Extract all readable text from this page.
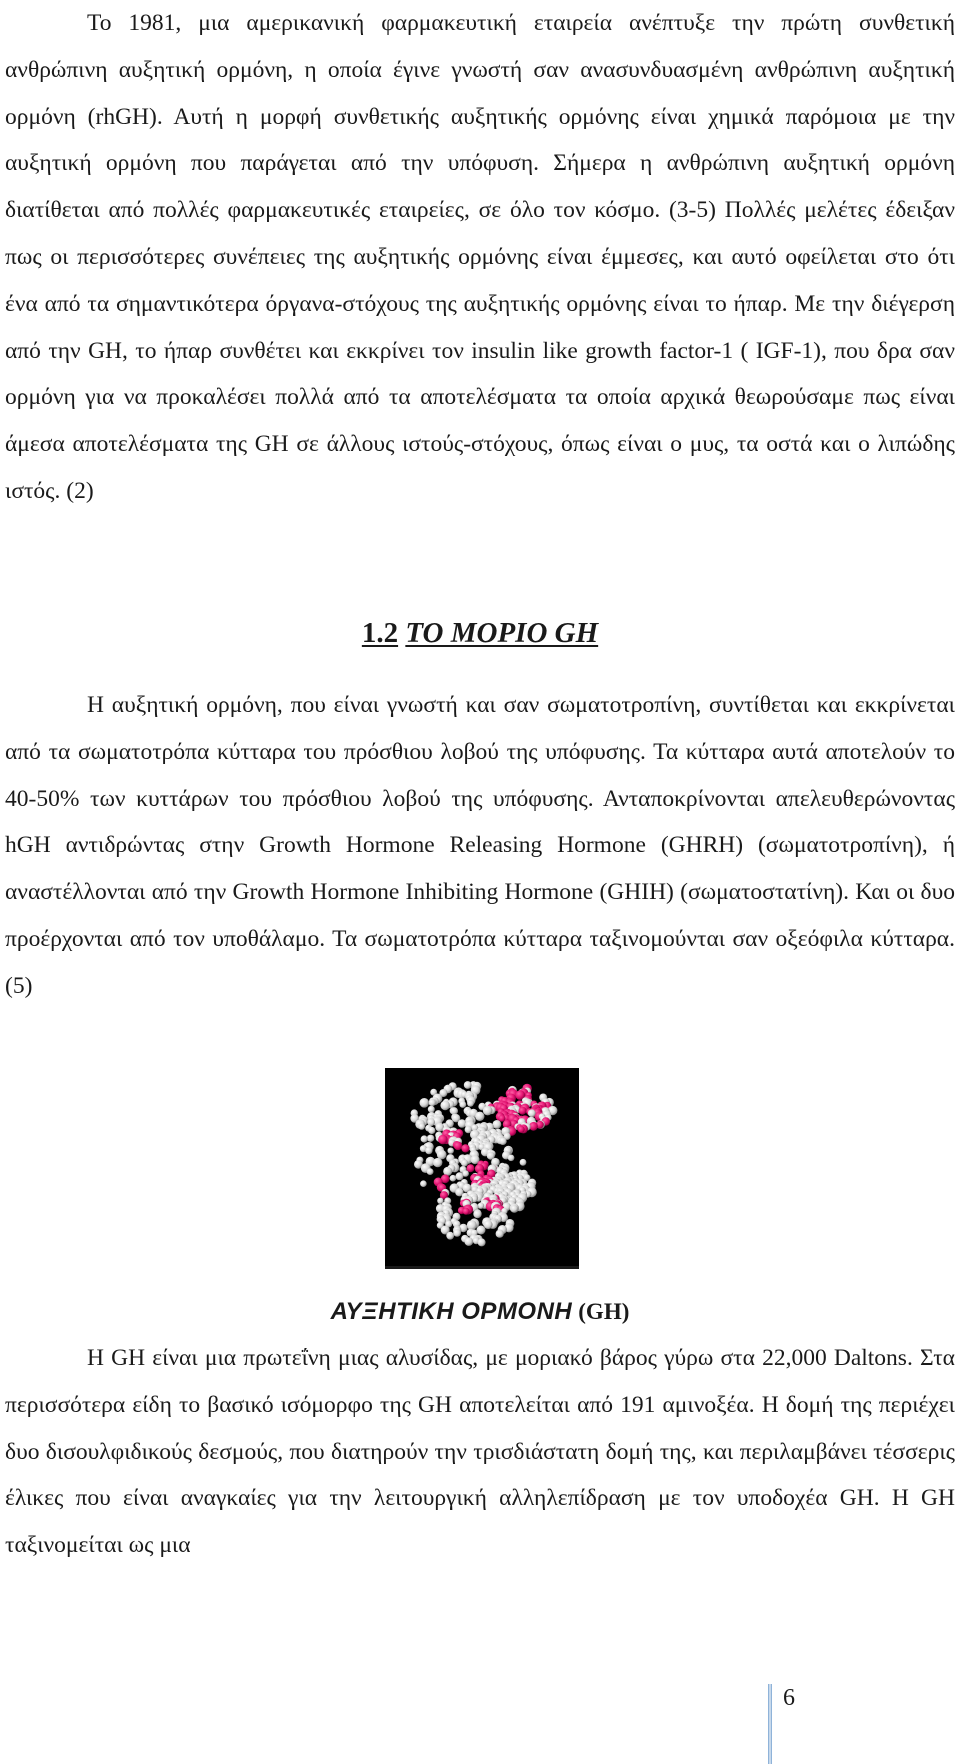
Το 1981, μια αμερικανική φαρμακευτική εταιρεία ανέπτυξε την πρώτη συνθετική ανθρώπινη αυξητική ορμόνη, η οποία έγινε γνωστή σαν ανασυνδυασμένη ανθρώπινη αυξητική ορμόνη (rhGH). Αυτή η μορφή συνθετικής αυξητικής ορμόνης είναι χημικά παρόμοια με την αυξητική ορμόνη που παράγεται από την υπόφυση. Σήμερα η ανθρώπινη αυξητική ορμόνη διατίθεται από πολλές φαρμακευτικές εταιρείες, σε όλο τον κόσμο. (3-5) Πολλές μελέτες έδειξαν πως οι περισσότερες συνέπειες της αυξητικής ορμόνης είναι έμμεσες, και αυτό οφείλεται στο ότι ένα από τα σημαντικότερα όργανα-στόχους της αυξητικής ορμόνης είναι το ήπαρ. Με την διέγερση από την GH, το ήπαρ συνθέτει και εκκρίνει τον insulin like growth factor-1 ( IGF-1), που δρα σαν ορμόνη για να προκαλέσει πολλά από τα αποτελέσματα τα οποία αρχικά θεωρούσαμε πως είναι άμεσα αποτελέσματα της GH σε άλλους ιστούς-στόχους, όπως είναι ο μυς, τα οστά και ο λιπώδης ιστός. (2)

1.2 ΤΟ ΜΟΡΙΟ GH

Η αυξητική ορμόνη, που είναι γνωστή και σαν σωματοτροπίνη, συντίθεται και εκκρίνεται από τα σωματοτρόπα κύτταρα του πρόσθιου λοβού της υπόφυσης. Τα κύτταρα αυτά αποτελούν το 40-50% των κυττάρων του πρόσθιου λοβού της υπόφυσης. Ανταποκρίνονται απελευθερώνοντας hGH αντιδρώντας στην Growth Hormone Releasing Hormone (GHRH) (σωματοτροπίνη), ή αναστέλλονται από την Growth Hormone Inhibiting Hormone (GHIH) (σωματοστατίνη). Και οι δυο προέρχονται από τον υποθάλαμο. Τα σωματοτρόπα κύτταρα ταξινομούνται σαν οξεόφιλα κύτταρα. (5)

ΑΥΞΗΤΙΚΗ ΟΡΜΟΝΗ (GH)

Η GH είναι μια πρωτεΐνη μιας αλυσίδας, με μοριακό βάρος γύρω στα 22,000 Daltons. Στα περισσότερα είδη το βασικό ισόμορφο της GH αποτελείται από 191 αμινοξέα. Η δομή της περιέχει δυο δισουλφιδικούς δεσμούς, που διατηρούν την τρισδιάστατη δομή της, και περιλαμβάνει τέσσερις έλικες που είναι αναγκαίες για την λειτουργική αλληλεπίδραση με τον υποδοχέα GH. Η GH ταξινομείται ως μια

6
